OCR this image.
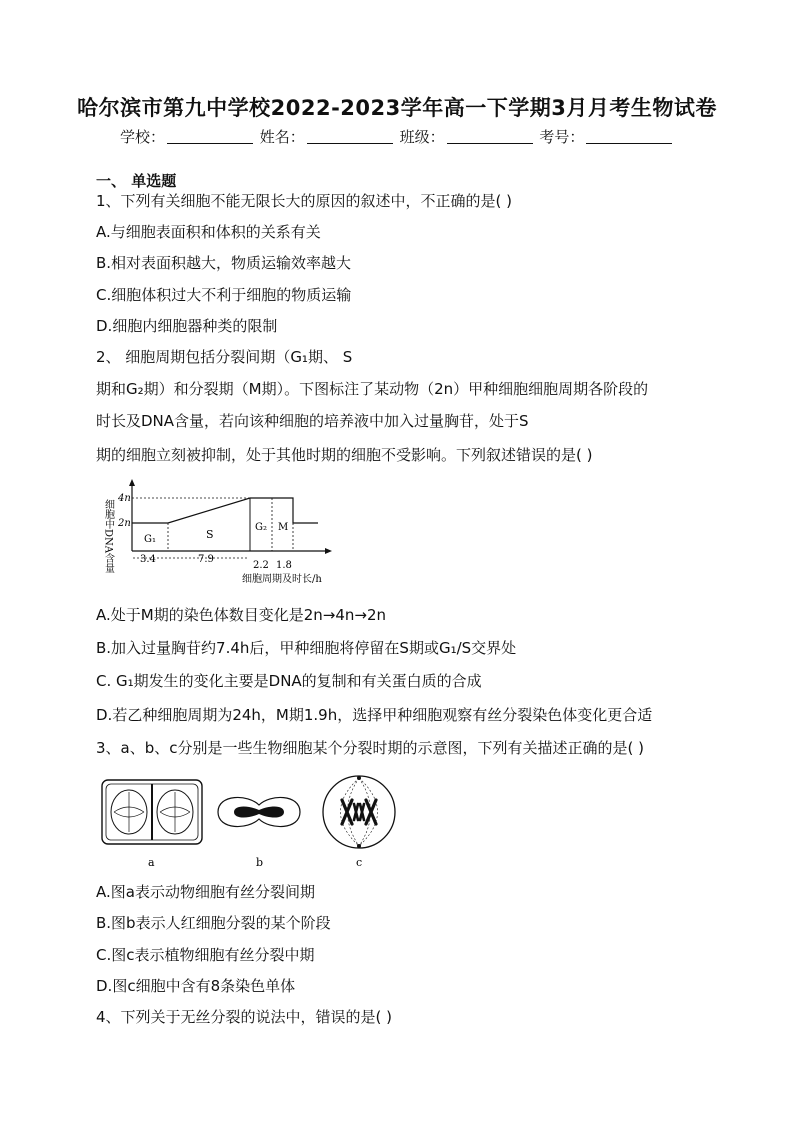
哈尔滨市第九中学校2022-2023学年高一下学期3月月考生物试卷
学校：	姓名：	班级：	考号：
一、 单选题
1、下列有关细胞不能无限长大的原因的叙述中，不正确的是( )
A.与细胞表面积和体积的关系有关
B.相对表面积越大，物质运输效率越大
C.细胞体积过大不利于细胞的物质运输
D.细胞内细胞器种类的限制
2、 细胞周期包括分裂间期（G₁期、 S
期和G₂期）和分裂期（M期）。下图标注了某动物（2n）甲种细胞细胞周期各阶段的
时长及DNA含量，若向该种细胞的培养液中加入过量胸苷，处于S
期的细胞立刻被抑制，处于其他时期的细胞不受影响。下列叙述错误的是( )
细胞中DNA含量
4n
2n
G₁	S
G₂ M
3.4	7.9
2.2 1.8
细胞周期及时长/h
A.处于M期的染色体数目变化是2n→4n→2n
B.加入过量胸苷约7.4h后，甲种细胞将停留在S期或G₁/S交界处
C. G₁期发生的变化主要是DNA的复制和有关蛋白质的合成
D.若乙种细胞周期为24h，M期1.9h，选择甲种细胞观察有丝分裂染色体变化更合适
3、a、b、c分别是一些生物细胞某个分裂时期的示意图，下列有关描述正确的是( )
a	b	c
A.图a表示动物细胞有丝分裂间期
B.图b表示人红细胞分裂的某个阶段
C.图c表示植物细胞有丝分裂中期
D.图c细胞中含有8条染色单体
4、下列关于无丝分裂的说法中，错误的是( )
